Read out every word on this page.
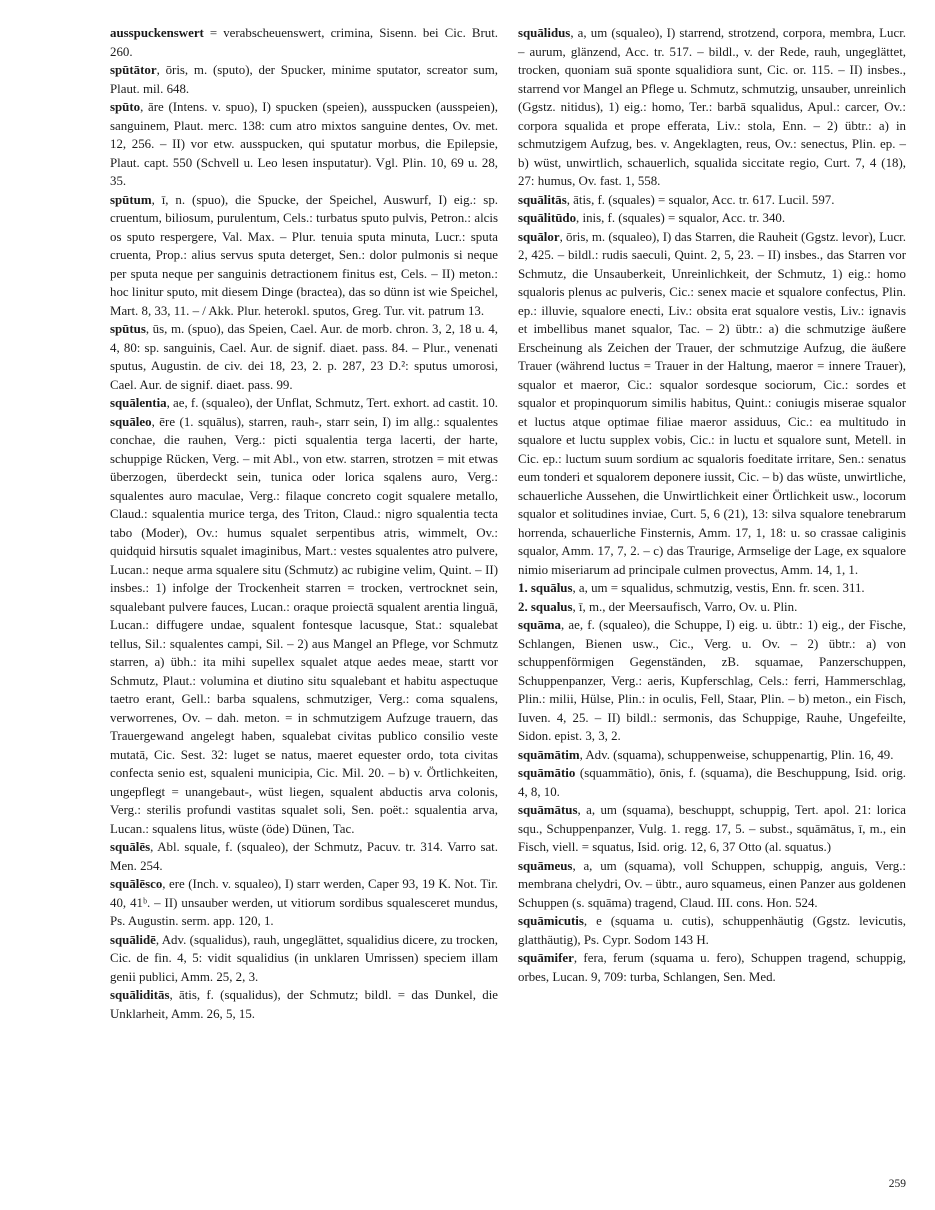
ausspuckenswert = verabscheuenswert, crimina, Sisenn. bei Cic. Brut. 260.

spūtātor, ōris, m. (sputo), der Spucker, minime sputator, screator sum, Plaut. mil. 648.

spūto, āre (Intens. v. spuo), I) spucken (speien), ausspucken (ausspeien), sanguinem, Plaut. merc. 138: cum atro mixtos sanguine dentes, Ov. met. 12, 256. – II) vor etw. ausspucken, qui sputatur morbus, die Epilepsie, Plaut. capt. 550 (Schvell u. Leo lesen insputatur). Vgl. Plin. 10, 69 u. 28, 35.

spūtum, ī, n. (spuo), die Spucke, der Speichel, Auswurf, I) eig.: sp. cruentum, biliosum, purulentum, Cels.: turbatus sputo pulvis, Petron.: alcis os sputo respergere, Val. Max. – Plur. tenuia sputa minuta, Lucr.: sputa cruenta, Prop.: alius servus sputa deterget, Sen.: dolor pulmonis si neque per sputa neque per sanguinis detractionem finitus est, Cels. – II) meton.: hoc linitur sputo, mit diesem Dinge (bractea), das so dünn ist wie Speichel, Mart. 8, 33, 11. – / Akk. Plur. heterokl. sputos, Greg. Tur. vit. patrum 13.

spūtus, ūs, m. (spuo), das Speien, Cael. Aur. de morb. chron. 3, 2, 18 u. 4, 4, 80: sp. sanguinis, Cael. Aur. de signif. diaet. pass. 84. – Plur., venenati sputus, Augustin. de civ. dei 18, 23, 2. p. 287, 23 D.²: sputus umorosi, Cael. Aur. de signif. diaet. pass. 99.

squālentia, ae, f. (squaleo), der Unflat, Schmutz, Tert. exhort. ad castit. 10.

squāleo, ēre (1. squālus), starren, rauh-, starr sein, I) im allg.: squalentes conchae, die rauhen, Verg.: picti squalentia terga lacerti, der harte, schuppige Rücken, Verg. – mit Abl., von etw. starren, strotzen = mit etwas überzogen, überdeckt sein, tunica oder lorica sqalens auro, Verg.: squalentes auro maculae, Verg.: filaque concreto cogit squalere metallo, Claud.: squalentia murice terga, des Triton, Claud.: nigro squalentia tecta tabo (Moder), Ov.: humus squalet serpentibus atris, wimmelt, Ov.: quidquid hirsutis squalet imaginibus, Mart.: vestes squalentes atro pulvere, Lucan.: neque arma squalere situ (Schmutz) ac rubigine velim, Quint. – II) insbes.: 1) infolge der Trockenheit starren = trocken, vertrocknet sein, squalebant pulvere fauces, Lucan.: oraque proiectā squalent arentia linguā, Lucan.: diffugere undae, squalent fontesque lacusque, Stat.: squalebat tellus, Sil.: squalentes campi, Sil. – 2) aus Mangel an Pflege, vor Schmutz starren, a) übh.: ita mihi supellex squalet atque aedes meae, startt vor Schmutz, Plaut.: volumina et diutino situ squalebant et habitu aspectuque taetro erant, Gell.: barba squalens, schmutziger, Verg.: coma squalens, verworrenes, Ov. – dah. meton. = in schmutzigem Aufzuge trauern, das Trauergewand angelegt haben, squalebat civitas publico consilio veste mutatā, Cic. Sest. 32: luget se natus, maeret equester ordo, tota civitas confecta senio est, squaleni municipia, Cic. Mil. 20. – b) v. Örtlichkeiten, ungepflegt = unangebaut-, wüst liegen, squalent abductis arva colonis, Verg.: sterilis profundi vastitas squalet soli, Sen. poët.: squalentia arva, Lucan.: squalens litus, wüste (öde) Dünen, Tac.

squālēs, Abl. squale, f. (squaleo), der Schmutz, Pacuv. tr. 314. Varro sat. Men. 254.

squālēsco, ere (Inch. v. squaleo), I) starr werden, Caper 93, 19 K. Not. Tir. 40, 41ᵇ. – II) unsauber werden, ut vitiorum sordibus squalesceret mundus, Ps. Augustin. serm. app. 120, 1.

squālidē, Adv. (squalidus), rauh, ungeglättet, squalidius dicere, zu trocken, Cic. de fin. 4, 5: vidit squalidius (in unklaren Umrissen) speciem illam genii publici, Amm. 25, 2, 3.

squāliditās, ātis, f. (squalidus), der Schmutz; bildl. = das Dunkel, die Unklarheit, Amm. 26, 5, 15.

squālidus, a, um (squaleo), I) starrend, strotzend, corpora, membra, Lucr. – aurum, glänzend, Acc. tr. 517. – bildl., v. der Rede, rauh, ungeglättet, trocken, quoniam suā sponte squalidiora sunt, Cic. or. 115. – II) insbes., starrend vor Mangel an Pflege u. Schmutz, schmutzig, unsauber, unreinlich (Ggstz. nitidus), 1) eig.: homo, Ter.: barbā squalidus, Apul.: carcer, Ov.: corpora squalida et prope efferata, Liv.: stola, Enn. – 2) übtr.: a) in schmutzigem Aufzug, bes. v. Angeklagten, reus, Ov.: senectus, Plin. ep. – b) wüst, unwirtlich, schauerlich, squalida siccitate regio, Curt. 7, 4 (18), 27: humus, Ov. fast. 1, 558.

squālitās, ātis, f. (squales) = squalor, Acc. tr. 617. Lucil. 597.

squālitūdo, inis, f. (squales) = squalor, Acc. tr. 340.

squālor, ōris, m. (squaleo), I) das Starren, die Rauheit (Ggstz. levor), Lucr. 2, 425. – bildl.: rudis saeculi, Quint. 2, 5, 23. – II) insbes., das Starren vor Schmutz, die Unsauberkeit, Unreinlichkeit, der Schmutz, 1) eig.: homo squaloris plenus ac pulveris, Cic.: senex macie et squalore confectus, Plin. ep.: illuvie, squalore enecti, Liv.: obsita erat squalore vestis, Liv.: ignavis et imbellibus manet squalor, Tac. – 2) übtr.: a) die schmutzige äußere Erscheinung als Zeichen der Trauer, der schmutzige Aufzug, die äußere Trauer (während luctus = Trauer in der Haltung, maeror = innere Trauer), squalor et maeror, Cic.: squalor sordesque sociorum, Cic.: sordes et squalor et propinquorum similis habitus, Quint.: coniugis miserae squalor et luctus atque optimae filiae maeror assiduus, Cic.: ea multitudo in squalore et luctu supplex vobis, Cic.: in luctu et squalore sunt, Metell. in Cic. ep.: luctum suum sordium ac squaloris foeditate irritare, Sen.: senatus eum tonderi et squalorem deponere iussit, Cic. – b) das wüste, unwirtliche, schauerliche Aussehen, die Unwirtlichkeit einer Örtlichkeit usw., locorum squalor et solitudines inviae, Curt. 5, 6 (21), 13: silva squalore tenebrarum horrenda, schauerliche Finsternis, Amm. 17, 1, 18: u. so crassae caliginis squalor, Amm. 17, 7, 2. – c) das Traurige, Armselige der Lage, ex squalore nimio miseriarum ad principale culmen provectus, Amm. 14, 1, 1.

1. squālus, a, um = squalidus, schmutzig, vestis, Enn. fr. scen. 311.

2. squalus, ī, m., der Meersaufisch, Varro, Ov. u. Plin.

squāma, ae, f. (squaleo), die Schuppe, I) eig. u. übtr.: 1) eig., der Fische, Schlangen, Bienen usw., Cic., Verg. u. Ov. – 2) übtr.: a) von schuppenförmigen Gegenständen, zB. squamae, Panzerschuppen, Schuppenpanzer, Verg.: aeris, Kupferschlag, Cels.: ferri, Hammerschlag, Plin.: milii, Hülse, Plin.: in oculis, Fell, Staar, Plin. – b) meton., ein Fisch, Iuven. 4, 25. – II) bildl.: sermonis, das Schuppige, Rauhe, Ungefeilte, Sidon. epist. 3, 3, 2.

squāmātim, Adv. (squama), schuppenweise, schuppenartig, Plin. 16, 49.

squāmātio (squammātio), ōnis, f. (squama), die Beschuppung, Isid. orig. 4, 8, 10.

squāmātus, a, um (squama), beschuppt, schuppig, Tert. apol. 21: lorica squ., Schuppenpanzer, Vulg. 1. regg. 17, 5. – subst., squāmātus, ī, m., ein Fisch, viell. = squatus, Isid. orig. 12, 6, 37 Otto (al. squatus.)

squāmeus, a, um (squama), voll Schuppen, schuppig, anguis, Verg.: membrana chelydri, Ov. – übtr., auro squameus, einen Panzer aus goldenen Schuppen (s. squāma) tragend, Claud. III. cons. Hon. 524.

squāmicutis, e (squama u. cutis), schuppenhäutig (Ggstz. levicutis, glatthäutig), Ps. Cypr. Sodom 143 H.

squāmifer, fera, ferum (squama u. fero), Schuppen tragend, schuppig, orbes, Lucan. 9, 709: turba, Schlangen, Sen. Med.

259
